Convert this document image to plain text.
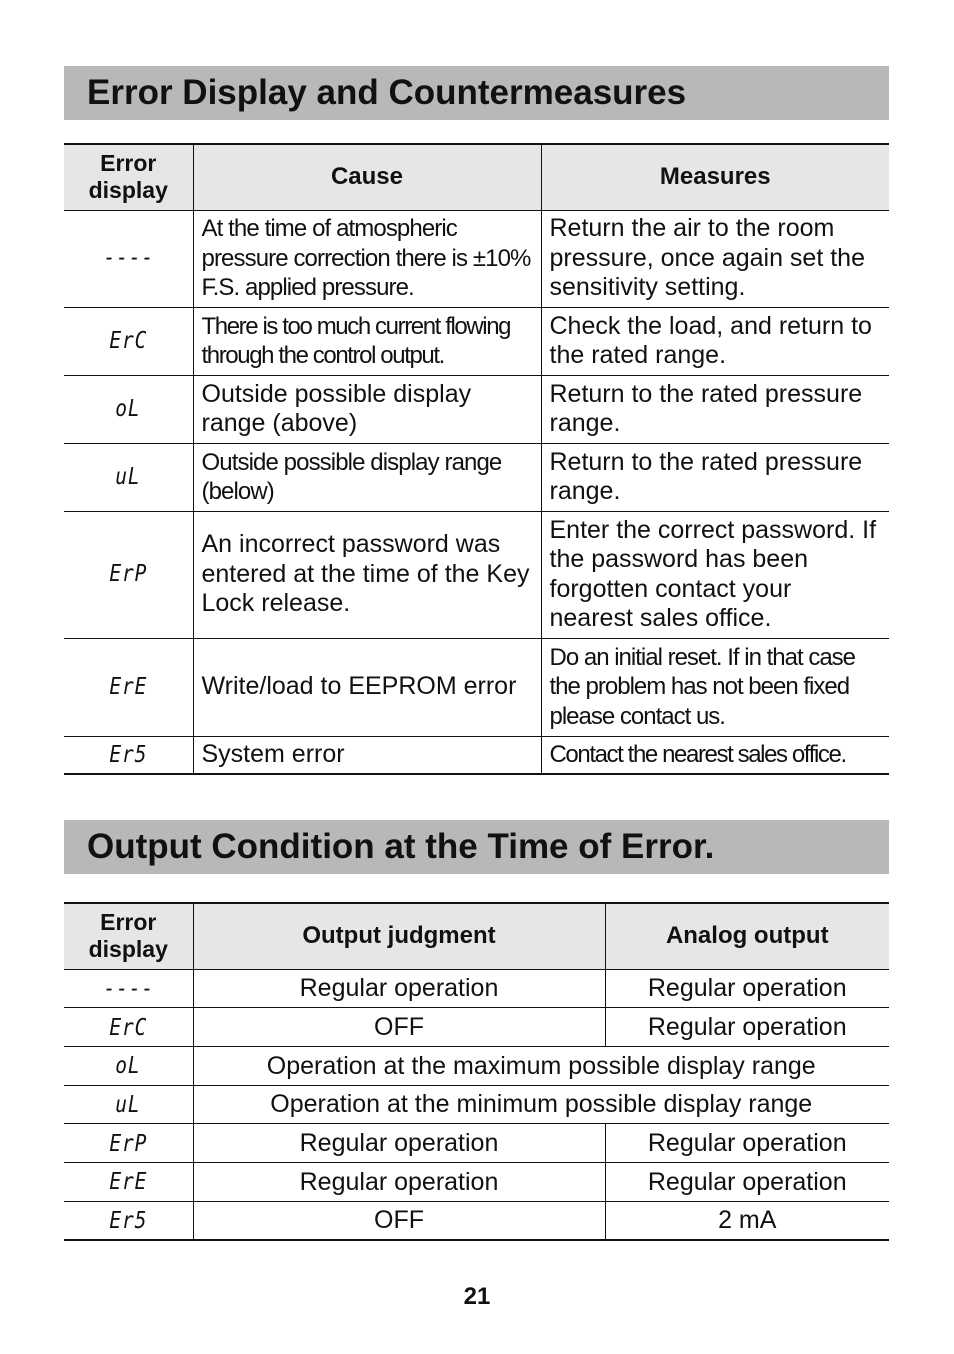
Error Display and Countermeasures
Error display	Cause	Measures
----	At the time of atmospheric pressure correction there is ±10% F.S. applied pressure.	Return the air to the room pressure, once again set the sensitivity setting.
ErC	There is too much current flowing through the control output.	Check the load, and return to the rated range.
oL	Outside possible display range (above)	Return to the rated pressure range.
uL	Outside possible display range (below)	Return to the rated pressure range.
ErP	An incorrect password was entered at the time of the Key Lock release.	Enter the correct password. If the password has been forgotten contact your nearest sales office.
ErE	Write/load to EEPROM error	Do an initial reset. If in that case the problem has not been fixed please contact us.
Er5	System error	Contact the nearest sales office.
Output Condition at the Time of Error.
Error display	Output judgment	Analog output
----	Regular operation	Regular operation
ErC	OFF	Regular operation
oL	Operation at the maximum possible display range	
uL	Operation at the minimum possible display range	
ErP	Regular operation	Regular operation
ErE	Regular operation	Regular operation
Er5	OFF	2 mA
21
